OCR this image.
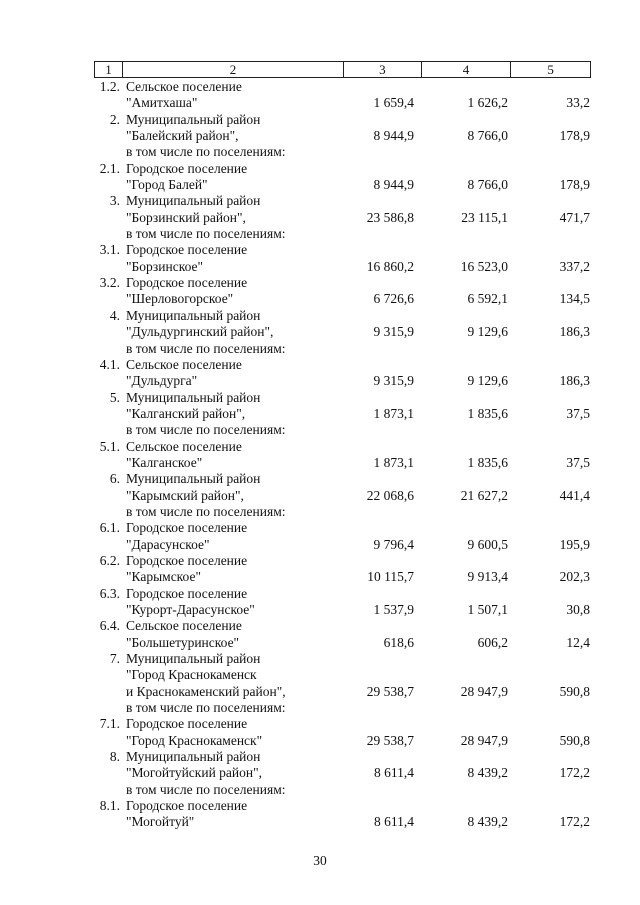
1	2	3	4	5
1.2. Сельское поселение
"Амитхаша"	1 659,4	1 626,2	33,2
2. Муниципальный район
"Балейский район",	8 944,9	8 766,0	178,9
в том числе по поселениям:
2.1. Городское поселение
"Город Балей"	8 944,9	8 766,0	178,9
3. Муниципальный район
"Борзинский район",	23 586,8	23 115,1	471,7
в том числе по поселениям:
3.1. Городское поселение
"Борзинское"	16 860,2	16 523,0	337,2
3.2. Городское поселение
"Шерловогорское"	6 726,6	6 592,1	134,5
4. Муниципальный район
"Дульдургинский район",	9 315,9	9 129,6	186,3
в том числе по поселениям:
4.1. Сельское поселение
"Дульдурга"	9 315,9	9 129,6	186,3
5. Муниципальный район
"Калганский район",	1 873,1	1 835,6	37,5
в том числе по поселениям:
5.1. Сельское поселение
"Калганское"	1 873,1	1 835,6	37,5
6. Муниципальный район
"Карымский район",	22 068,6	21 627,2	441,4
в том числе по поселениям:
6.1. Городское поселение
"Дарасунское"	9 796,4	9 600,5	195,9
6.2. Городское поселение
"Карымское"	10 115,7	9 913,4	202,3
6.3. Городское поселение
"Курорт-Дарасунское"	1 537,9	1 507,1	30,8
6.4. Сельское поселение
"Большетуринское"	618,6	606,2	12,4
7. Муниципальный район
"Город Краснокаменск
и Краснокаменский район",	29 538,7	28 947,9	590,8
в том числе по поселениям:
7.1. Городское поселение
"Город Краснокаменск"	29 538,7	28 947,9	590,8
8. Муниципальный район
"Могойтуйский район",	8 611,4	8 439,2	172,2
в том числе по поселениям:
8.1. Городское поселение
"Могойтуй"	8 611,4	8 439,2	172,2
30
